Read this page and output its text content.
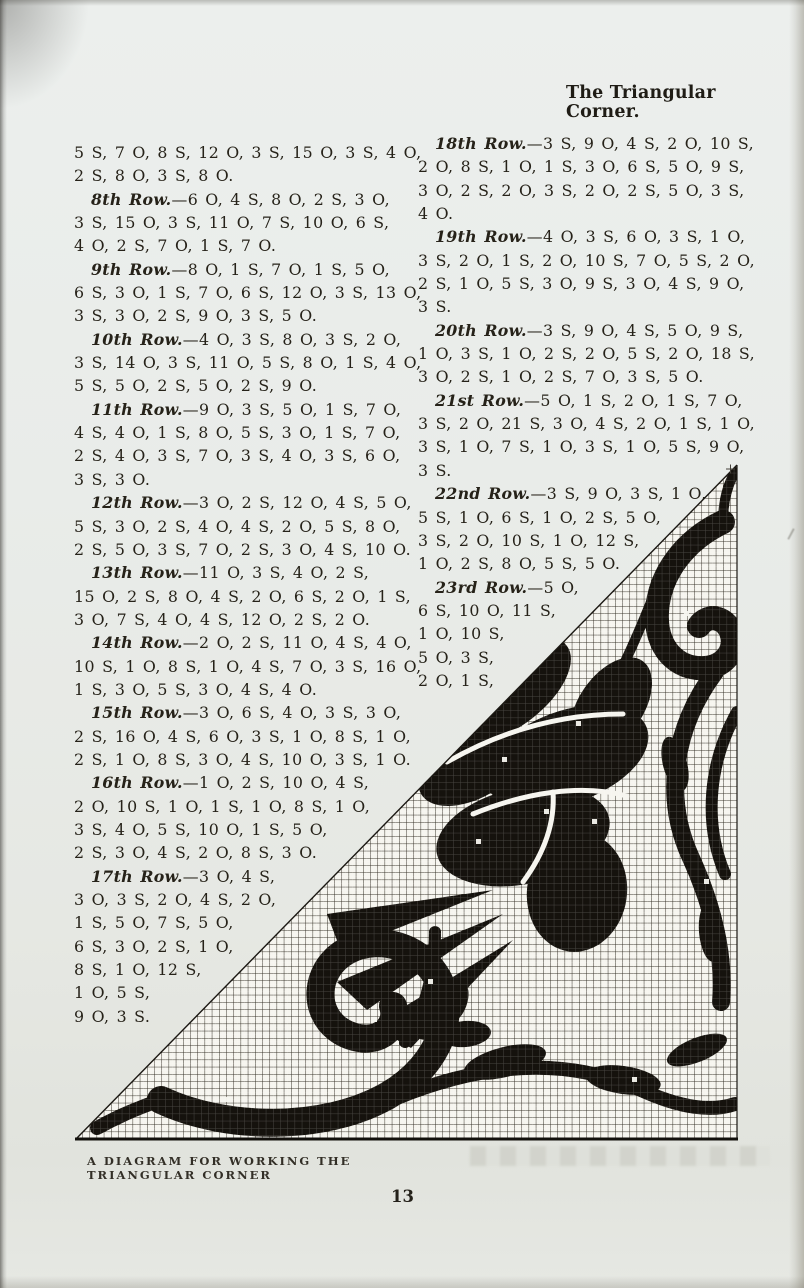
The Triangular
Corner.
5 S, 7 O, 8 S, 12 O, 3 S, 15 O, 3 S, 4 O,
2 S, 8 O, 3 S, 8 O.
8th Row.—6 O, 4 S, 8 O, 2 S, 3 O,
3 S, 15 O, 3 S, 11 O, 7 S, 10 O, 6 S,
4 O, 2 S, 7 O, 1 S, 7 O.
9th Row.—8 O, 1 S, 7 O, 1 S, 5 O,
6 S, 3 O, 1 S, 7 O, 6 S, 12 O, 3 S, 13 O,
3 S, 3 O, 2 S, 9 O, 3 S, 5 O.
10th Row.—4 O, 3 S, 8 O, 3 S, 2 O,
3 S, 14 O, 3 S, 11 O, 5 S, 8 O, 1 S, 4 O,
5 S, 5 O, 2 S, 5 O, 2 S, 9 O.
11th Row.—9 O, 3 S, 5 O, 1 S, 7 O,
4 S, 4 O, 1 S, 8 O, 5 S, 3 O, 1 S, 7 O,
2 S, 4 O, 3 S, 7 O, 3 S, 4 O, 3 S, 6 O,
3 S, 3 O.
12th Row.—3 O, 2 S, 12 O, 4 S, 5 O,
5 S, 3 O, 2 S, 4 O, 4 S, 2 O, 5 S, 8 O,
2 S, 5 O, 3 S, 7 O, 2 S, 3 O, 4 S, 10 O.
13th Row.—11 O, 3 S, 4 O, 2 S,
15 O, 2 S, 8 O, 4 S, 2 O, 6 S, 2 O, 1 S,
3 O, 7 S, 4 O, 4 S, 12 O, 2 S, 2 O.
14th Row.—2 O, 2 S, 11 O, 4 S, 4 O,
10 S, 1 O, 8 S, 1 O, 4 S, 7 O, 3 S, 16 O,
1 S, 3 O, 5 S, 3 O, 4 S, 4 O.
15th Row.—3 O, 6 S, 4 O, 3 S, 3 O,
2 S, 16 O, 4 S, 6 O, 3 S, 1 O, 8 S, 1 O,
2 S, 1 O, 8 S, 3 O, 4 S, 10 O, 3 S, 1 O.
16th Row.—1 O, 2 S, 10 O, 4 S,
2 O, 10 S, 1 O, 1 S, 1 O, 8 S, 1 O,
3 S, 4 O, 5 S, 10 O, 1 S, 5 O,
2 S, 3 O, 4 S, 2 O, 8 S, 3 O.
17th Row.—3 O, 4 S,
3 O, 3 S, 2 O, 4 S, 2 O,
1 S, 5 O, 7 S, 5 O,
6 S, 3 O, 2 S, 1 O,
8 S, 1 O, 12 S,
1 O, 5 S,
9 O, 3 S.
18th Row.—3 S, 9 O, 4 S, 2 O, 10 S,
2 O, 8 S, 1 O, 1 S, 3 O, 6 S, 5 O, 9 S,
3 O, 2 S, 2 O, 3 S, 2 O, 2 S, 5 O, 3 S,
4 O.
19th Row.—4 O, 3 S, 6 O, 3 S, 1 O,
3 S, 2 O, 1 S, 2 O, 10 S, 7 O, 5 S, 2 O,
2 S, 1 O, 5 S, 3 O, 9 S, 3 O, 4 S, 9 O,
3 S.
20th Row.—3 S, 9 O, 4 S, 5 O, 9 S,
1 O, 3 S, 1 O, 2 S, 2 O, 5 S, 2 O, 18 S,
3 O, 2 S, 1 O, 2 S, 7 O, 3 S, 5 O.
21st Row.—5 O, 1 S, 2 O, 1 S, 7 O,
3 S, 2 O, 21 S, 3 O, 4 S, 2 O, 1 S, 1 O,
3 S, 1 O, 7 S, 1 O, 3 S, 1 O, 5 S, 9 O,
3 S.
22nd Row.—3 S, 9 O, 3 S, 1 O,
5 S, 1 O, 6 S, 1 O, 2 S, 5 O,
3 S, 2 O, 10 S, 1 O, 12 S,
1 O, 2 S, 8 O, 5 S, 5 O.
23rd Row.—5 O,
6 S, 10 O, 11 S,
1 O, 10 S,
5 O, 3 S,
2 O, 1 S,
A DIAGRAM FOR WORKING THE
TRIANGULAR CORNER
13
